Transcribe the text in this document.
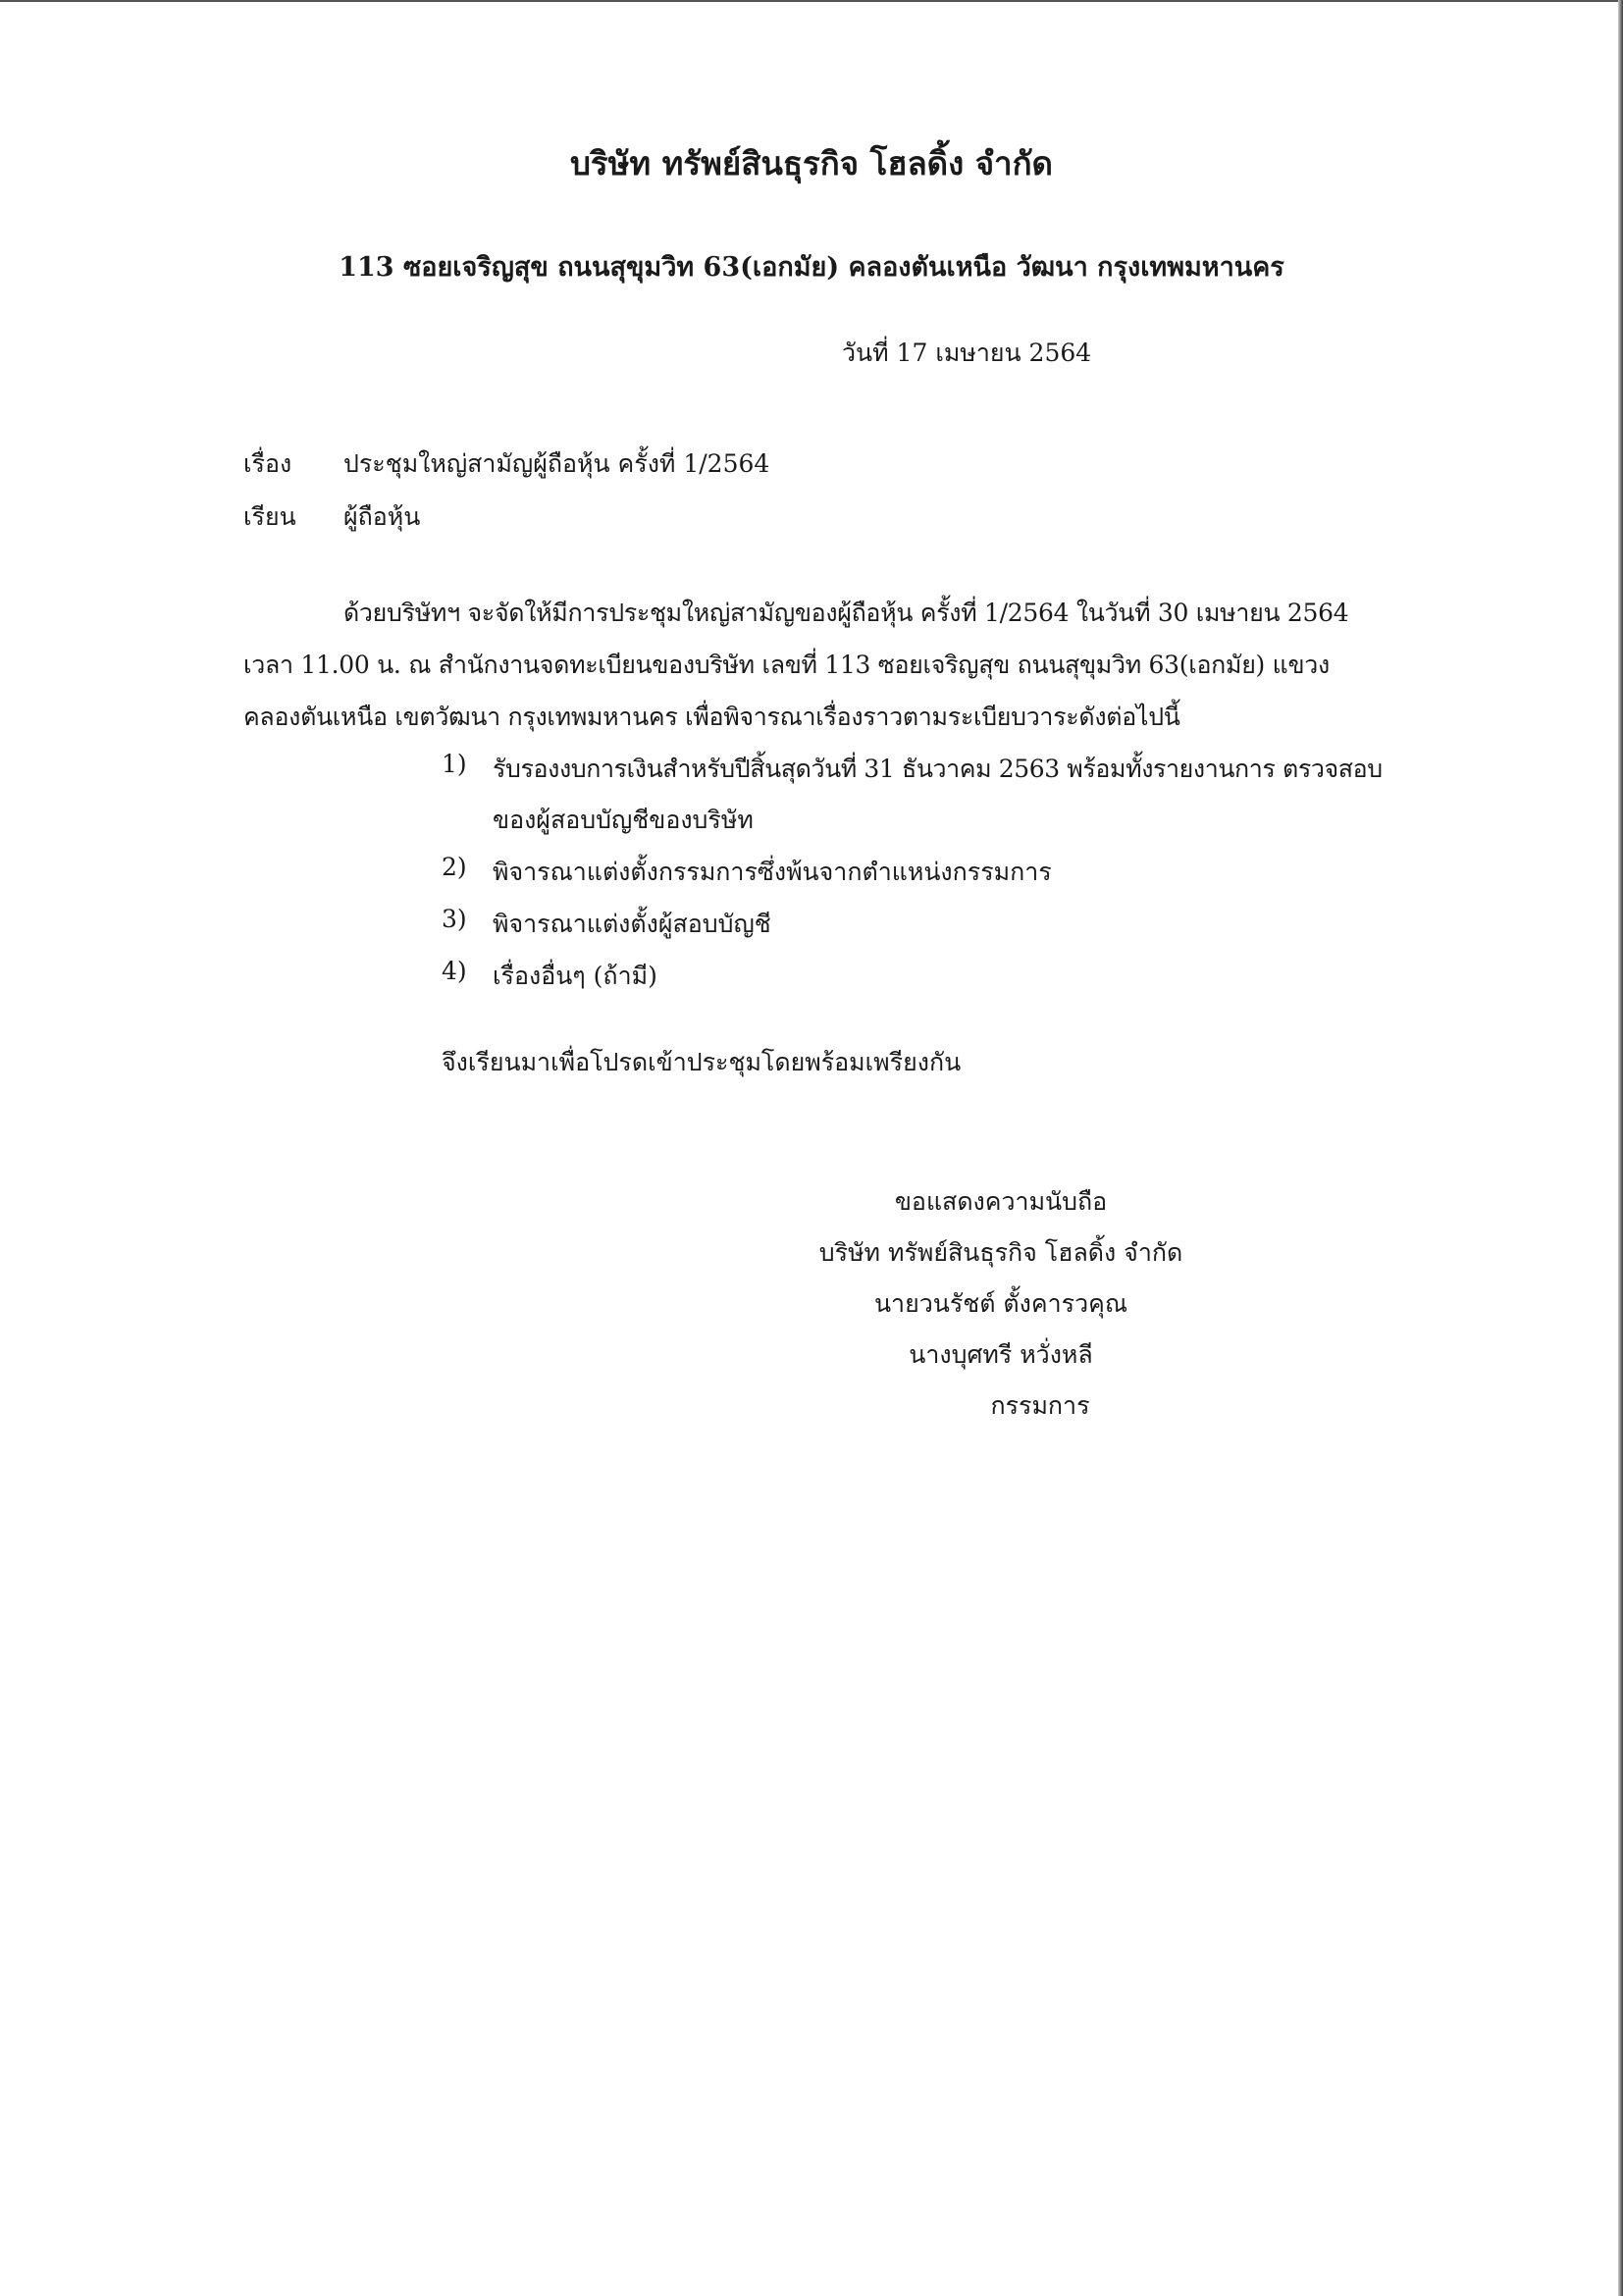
บริษัท ทรัพย์สินธุรกิจ โฮลดิ้ง จำกัด
113 ซอยเจริญสุข ถนนสุขุมวิท 63(เอกมัย) คลองตันเหนือ วัฒนา กรุงเทพมหานคร
วันที่ 17 เมษายน 2564
เรื่อง ประชุมใหญ่สามัญผู้ถือหุ้น ครั้งที่ 1/2564
เรียน ผู้ถือหุ้น
ด้วยบริษัทฯ จะจัดให้มีการประชุมใหญ่สามัญของผู้ถือหุ้น ครั้งที่ 1/2564 ในวันที่ 30 เมษายน 2564
เวลา 11.00 น. ณ สำนักงานจดทะเบียนของบริษัท เลขที่ 113 ซอยเจริญสุข ถนนสุขุมวิท 63(เอกมัย) แขวง
คลองตันเหนือ เขตวัฒนา กรุงเทพมหานคร เพื่อพิจารณาเรื่องราวตามระเบียบวาระดังต่อไปนี้
1) รับรองงบการเงินสำหรับปีสิ้นสุดวันที่ 31 ธันวาคม 2563 พร้อมทั้งรายงานการ ตรวจสอบ
ของผู้สอบบัญชีของบริษัท
2) พิจารณาแต่งตั้งกรรมการซึ่งพ้นจากตำแหน่งกรรมการ
3) พิจารณาแต่งตั้งผู้สอบบัญชี
4) เรื่องอื่นๆ (ถ้ามี)
จึงเรียนมาเพื่อโปรดเข้าประชุมโดยพร้อมเพรียงกัน
ขอแสดงความนับถือ
บริษัท ทรัพย์สินธุรกิจ โฮลดิ้ง จำกัด
นายวนรัชต์ ตั้งคารวคุณ
นางบุศทรี หวั่งหลี
กรรมการ
